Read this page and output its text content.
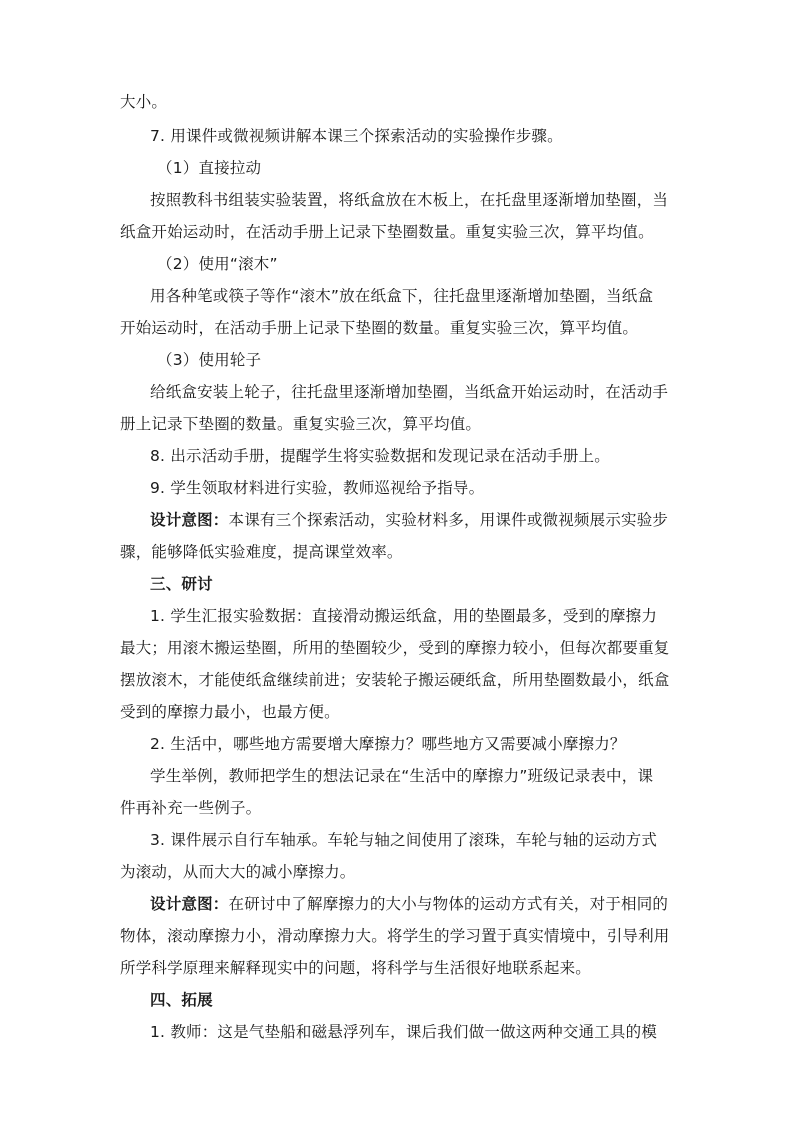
大小。
7. 用课件或微视频讲解本课三个探索活动的实验操作步骤。
（1）直接拉动
按照教科书组装实验装置，将纸盒放在木板上，在托盘里逐渐增加垫圈，当
纸盒开始运动时，在活动手册上记录下垫圈数量。重复实验三次，算平均值。
（2）使用“滚木”
用各种笔或筷子等作“滚木”放在纸盒下，往托盘里逐渐增加垫圈，当纸盒
开始运动时，在活动手册上记录下垫圈的数量。重复实验三次，算平均值。
（3）使用轮子
给纸盒安装上轮子，往托盘里逐渐增加垫圈，当纸盒开始运动时，在活动手
册上记录下垫圈的数量。重复实验三次，算平均值。
8. 出示活动手册，提醒学生将实验数据和发现记录在活动手册上。
9. 学生领取材料进行实验，教师巡视给予指导。
设计意图：本课有三个探索活动，实验材料多，用课件或微视频展示实验步
骤，能够降低实验难度，提高课堂效率。
三、研讨
1. 学生汇报实验数据：直接滑动搬运纸盒，用的垫圈最多，受到的摩擦力
最大；用滚木搬运垫圈，所用的垫圈较少，受到的摩擦力较小，但每次都要重复
摆放滚木，才能使纸盒继续前进；安装轮子搬运硬纸盒，所用垫圈数最小，纸盒
受到的摩擦力最小，也最方便。
2. 生活中，哪些地方需要增大摩擦力？哪些地方又需要减小摩擦力？
学生举例，教师把学生的想法记录在“生活中的摩擦力”班级记录表中，课
件再补充一些例子。
3. 课件展示自行车轴承。车轮与轴之间使用了滚珠，车轮与轴的运动方式
为滚动，从而大大的减小摩擦力。
设计意图：在研讨中了解摩擦力的大小与物体的运动方式有关，对于相同的
物体，滚动摩擦力小，滑动摩擦力大。将学生的学习置于真实情境中，引导利用
所学科学原理来解释现实中的问题，将科学与生活很好地联系起来。
四、拓展
1. 教师：这是气垫船和磁悬浮列车，课后我们做一做这两种交通工具的模
